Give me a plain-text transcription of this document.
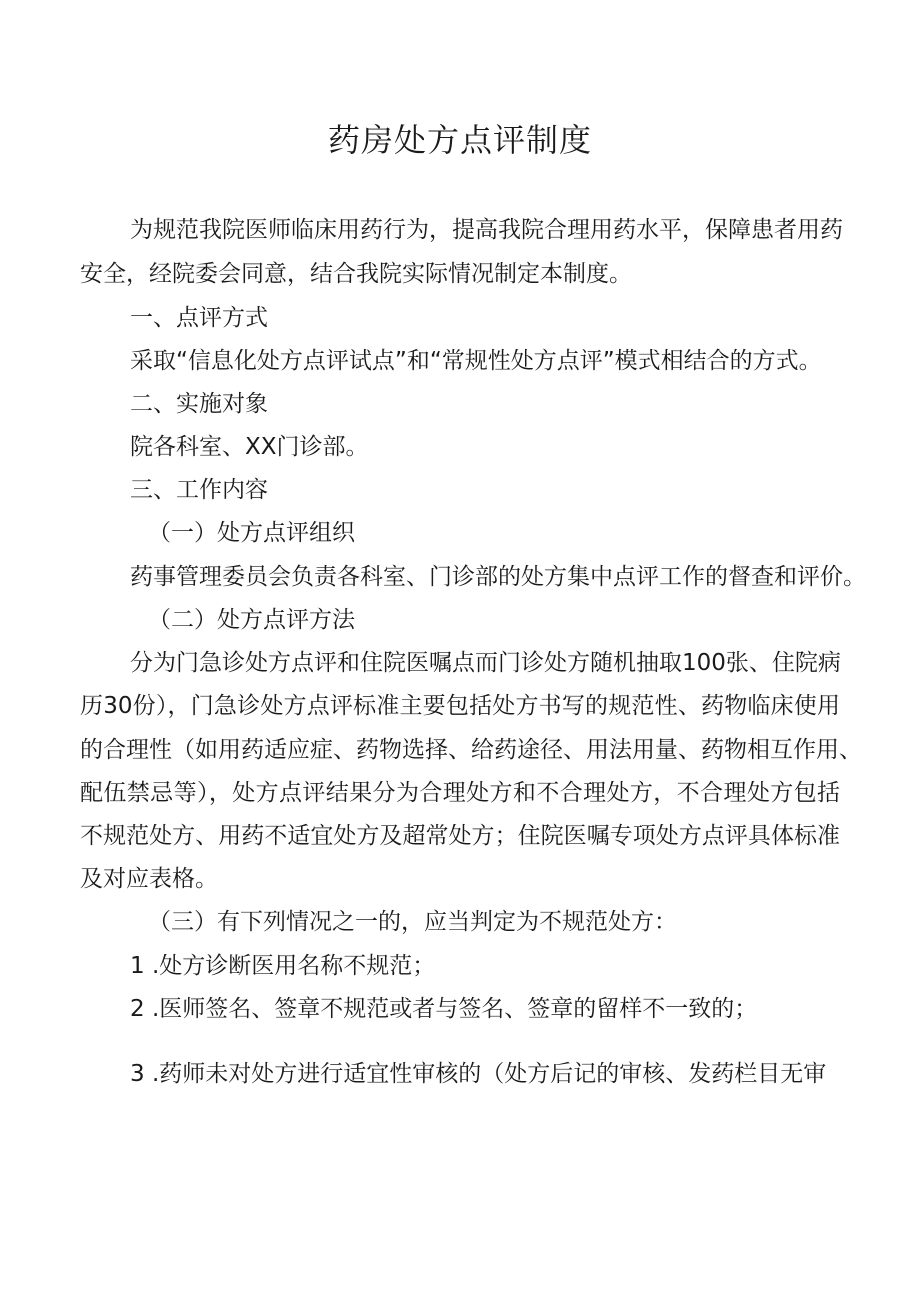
药房处方点评制度
为规范我院医师临床用药行为，提高我院合理用药水平，保障患者用药
安全，经院委会同意，结合我院实际情况制定本制度。
一、点评方式
采取“信息化处方点评试点”和“常规性处方点评”模式相结合的方式。
二、实施对象
院各科室、XX门诊部。
三、工作内容
（一）处方点评组织
药事管理委员会负责各科室、门诊部的处方集中点评工作的督查和评价。
（二）处方点评方法
分为门急诊处方点评和住院医嘱点而门诊处方随机抽取100张、住院病
历30份），门急诊处方点评标准主要包括处方书写的规范性、药物临床使用
的合理性（如用药适应症、药物选择、给药途径、用法用量、药物相互作用、
配伍禁忌等），处方点评结果分为合理处方和不合理处方，不合理处方包括
不规范处方、用药不适宜处方及超常处方；住院医嘱专项处方点评具体标准
及对应表格。
（三）有下列情况之一的，应当判定为不规范处方：
1 .处方诊断医用名称不规范；
2 .医师签名、签章不规范或者与签名、签章的留样不一致的；
3 .药师未对处方进行适宜性审核的（处方后记的审核、发药栏目无审
